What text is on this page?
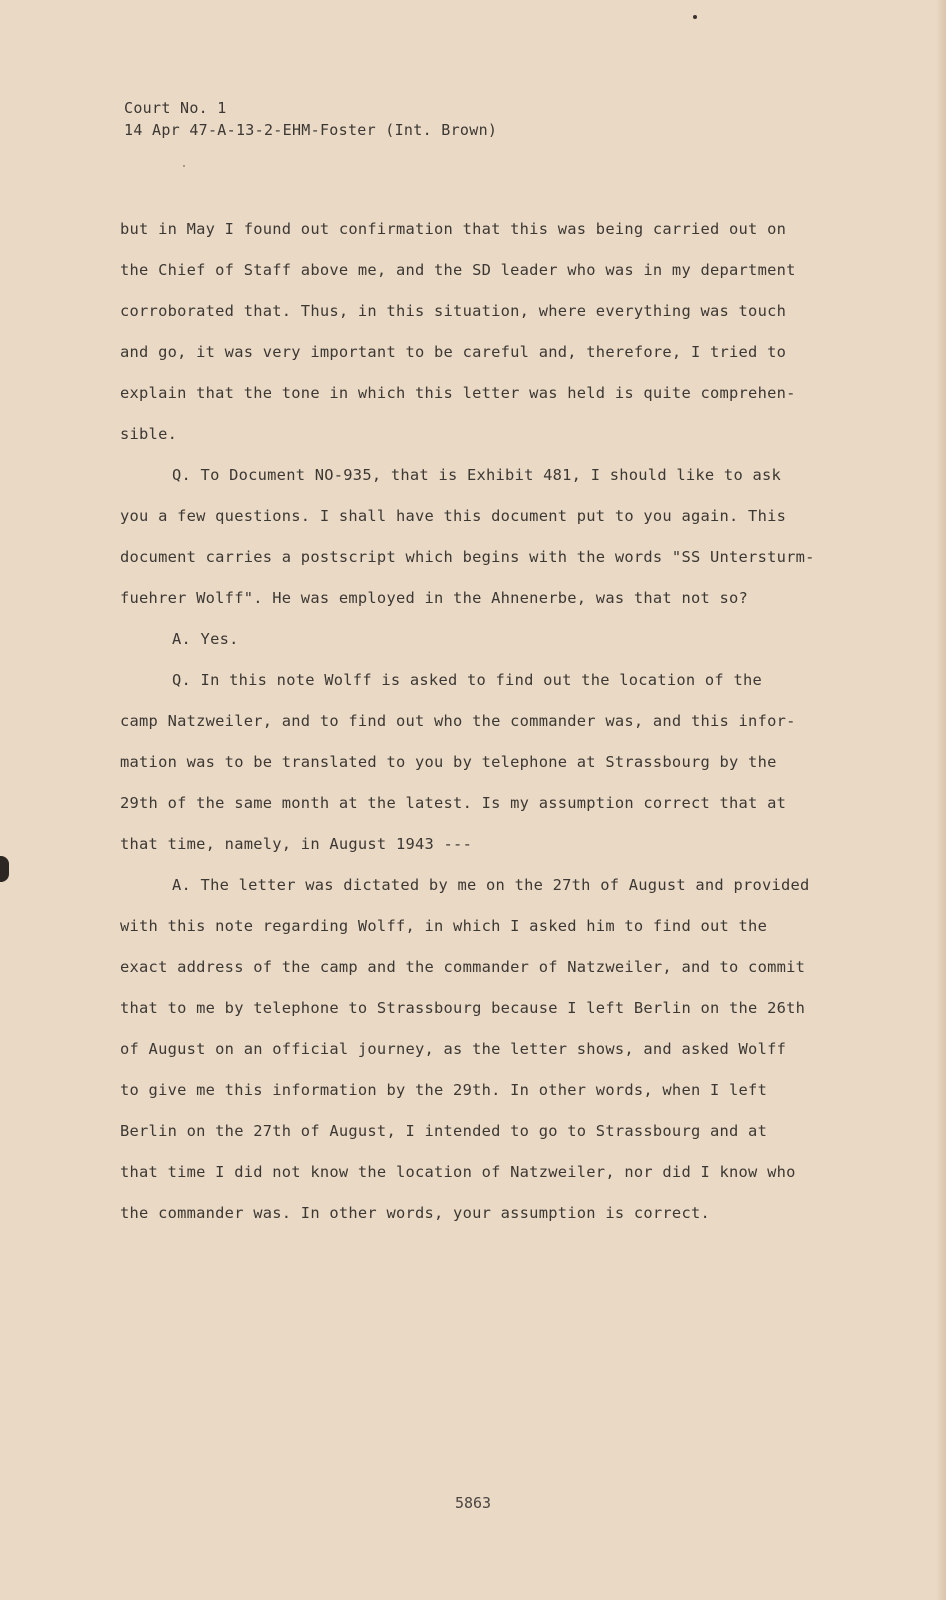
Court No. 1
14 Apr 47-A-13-2-EHM-Foster (Int. Brown)
but in May I found out confirmation that this was being carried out on
the Chief of Staff above me, and the SD leader who was in my department
corroborated that. Thus, in this situation, where everything was touch
and go, it was very important to be careful and, therefore, I tried to
explain that the tone in which this letter was held is quite comprehen-
sible.
Q. To Document NO-935, that is Exhibit 481, I should like to ask
you a few questions. I shall have this document put to you again. This
document carries a postscript which begins with the words "SS Untersturm-
fuehrer Wolff". He was employed in the Ahnenerbe, was that not so?
A. Yes.
Q. In this note Wolff is asked to find out the location of the
camp Natzweiler, and to find out who the commander was, and this infor-
mation was to be translated to you by telephone at Strassbourg by the
29th of the same month at the latest. Is my assumption correct that at
that time, namely, in August 1943 ---
A. The letter was dictated by me on the 27th of August and provided
with this note regarding Wolff, in which I asked him to find out the
exact address of the camp and the commander of Natzweiler, and to commit
that to me by telephone to Strassbourg because I left Berlin on the 26th
of August on an official journey, as the letter shows, and asked Wolff
to give me this information by the 29th. In other words, when I left
Berlin on the 27th of August, I intended to go to Strassbourg and at
that time I did not know the location of Natzweiler, nor did I know who
the commander was. In other words, your assumption is correct.
5863
